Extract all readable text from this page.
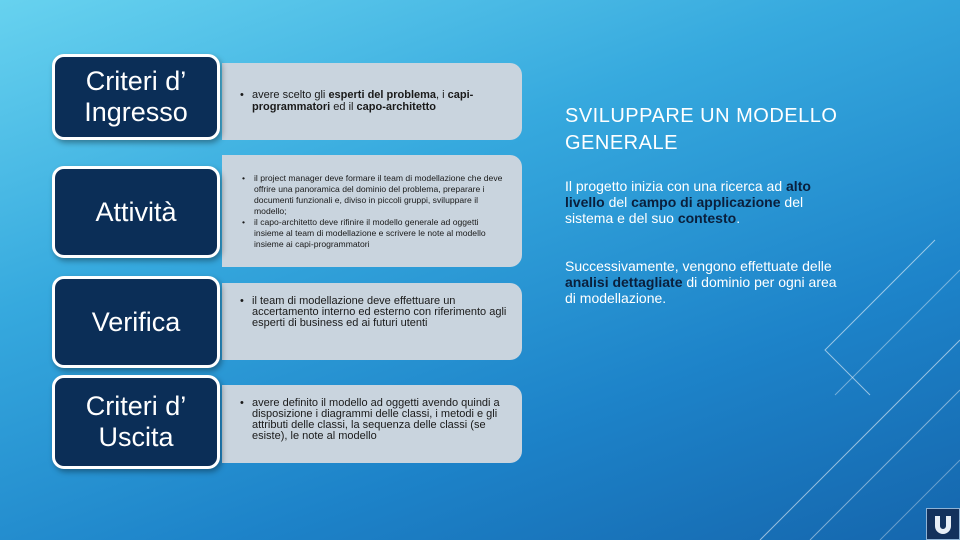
• avere scelto gli esperti del problema, i capi-programmatori ed il capo-architetto
Criteri d’ Ingresso
• il project manager deve formare il team di modellazione che deve offrire una panoramica del dominio del problema, preparare i documenti funzionali e, diviso in piccoli gruppi, sviluppare il modello;
• il capo-architetto deve rifinire il modello generale ad oggetti insieme al team di modellazione e scrivere le note al modello insieme ai capi-programmatori
Attività
• il team di modellazione deve effettuare un accertamento interno ed esterno con riferimento agli esperti di business ed ai futuri utenti
Verifica
• avere definito il modello ad oggetti avendo quindi a disposizione i diagrammi delle classi, i metodi e gli attributi delle classi, la sequenza delle classi (se esiste), le note al modello
Criteri d’ Uscita
SVILUPPARE UN MODELLO GENERALE
Il progetto inizia con una ricerca ad alto livello del campo di applicazione del sistema e del suo contesto.
Successivamente, vengono effettuate delle analisi dettagliate di dominio per ogni area di modellazione.
